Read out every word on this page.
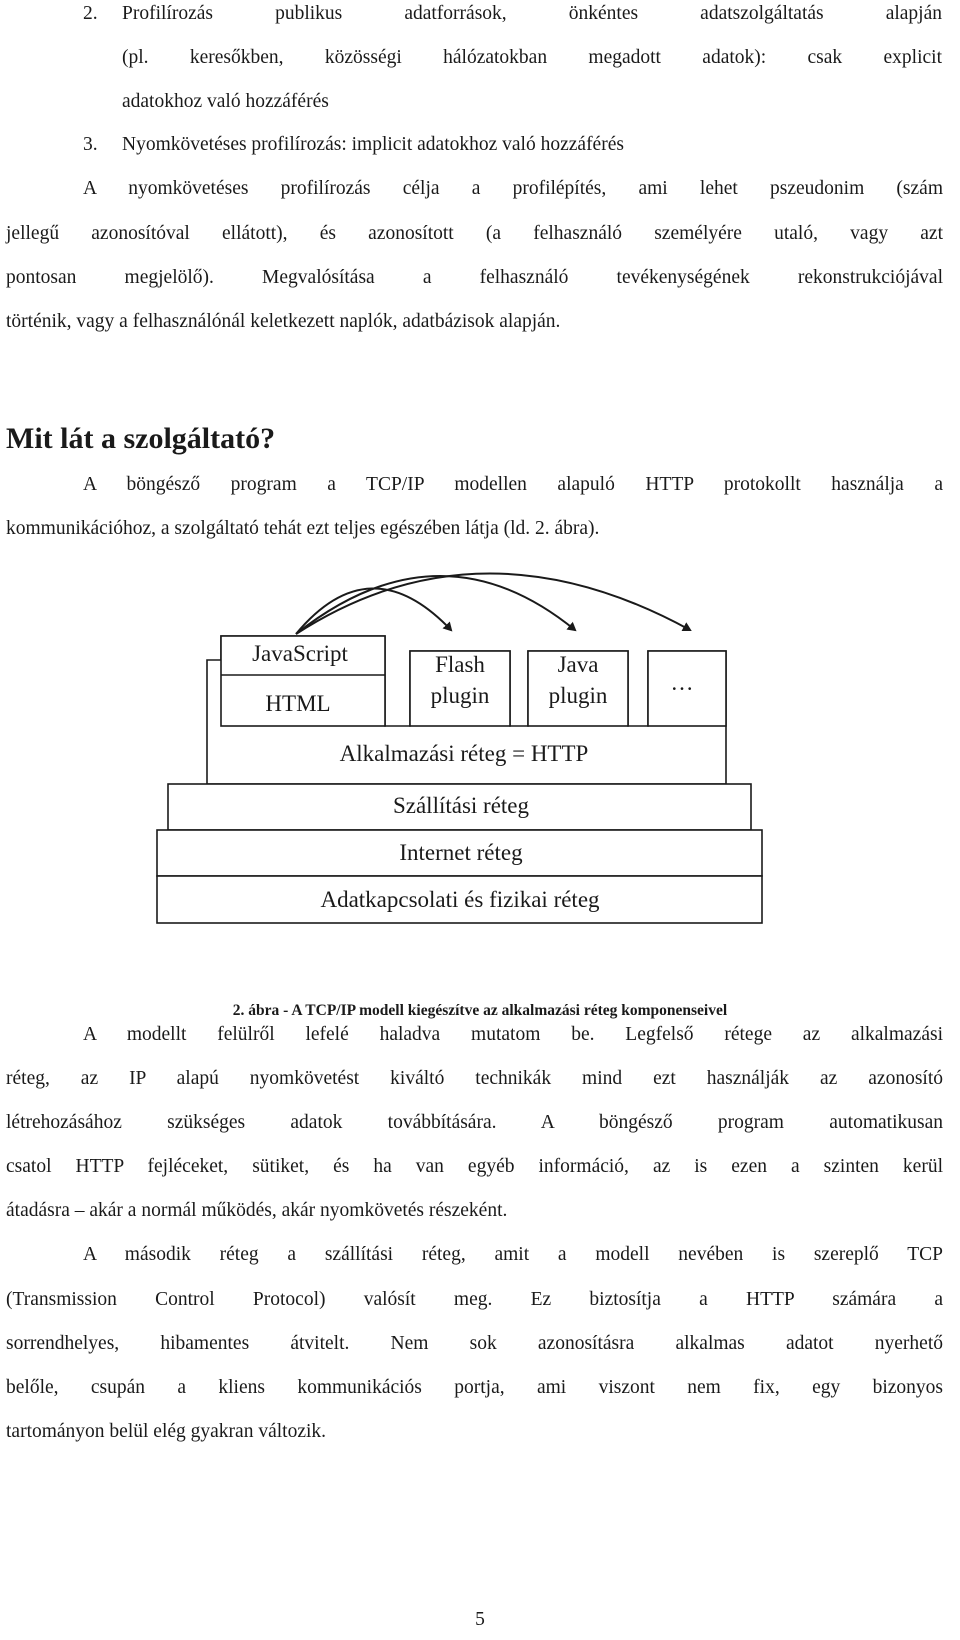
2. Profilírozás publikus adatforrások, önkéntes adatszolgáltatás alapján
(pl. keresőkben, közösségi hálózatokban megadott adatok): csak explicit
adatokhoz való hozzáférés
3. Nyomkövetéses profilírozás: implicit adatokhoz való hozzáférés
A nyomkövetéses profilírozás célja a profilépítés, ami lehet pszeudonim (szám
jellegű azonosítóval ellátott), és azonosított (a felhasználó személyére utaló, vagy azt
pontosan megjelölő). Megvalósítása a felhasználó tevékenységének rekonstrukciójával
történik, vagy a felhasználónál keletkezett naplók, adatbázisok alapján.
Mit lát a szolgáltató?
A böngésző program a TCP/IP modellen alapuló HTTP protokollt használja a
kommunikációhoz, a szolgáltató tehát ezt teljes egészében látja (ld. 2. ábra).
JavaScript
HTML
Flash
plugin
Java
plugin
…
Alkalmazási réteg = HTTP
Szállítási réteg
Internet réteg
Adatkapcsolati és fizikai réteg
2. ábra - A TCP/IP modell kiegészítve az alkalmazási réteg komponenseivel
A modellt felülről lefelé haladva mutatom be. Legfelső rétege az alkalmazási
réteg, az IP alapú nyomkövetést kiváltó technikák mind ezt használják az azonosító
létrehozásához szükséges adatok továbbítására. A böngésző program automatikusan
csatol HTTP fejléceket, sütiket, és ha van egyéb információ, az is ezen a szinten kerül
átadásra – akár a normál működés, akár nyomkövetés részeként.
A második réteg a szállítási réteg, amit a modell nevében is szereplő TCP
(Transmission Control Protocol) valósít meg. Ez biztosítja a HTTP számára a
sorrendhelyes, hibamentes átvitelt. Nem sok azonosításra alkalmas adatot nyerhető
belőle, csupán a kliens kommunikációs portja, ami viszont nem fix, egy bizonyos
tartományon belül elég gyakran változik.
5
